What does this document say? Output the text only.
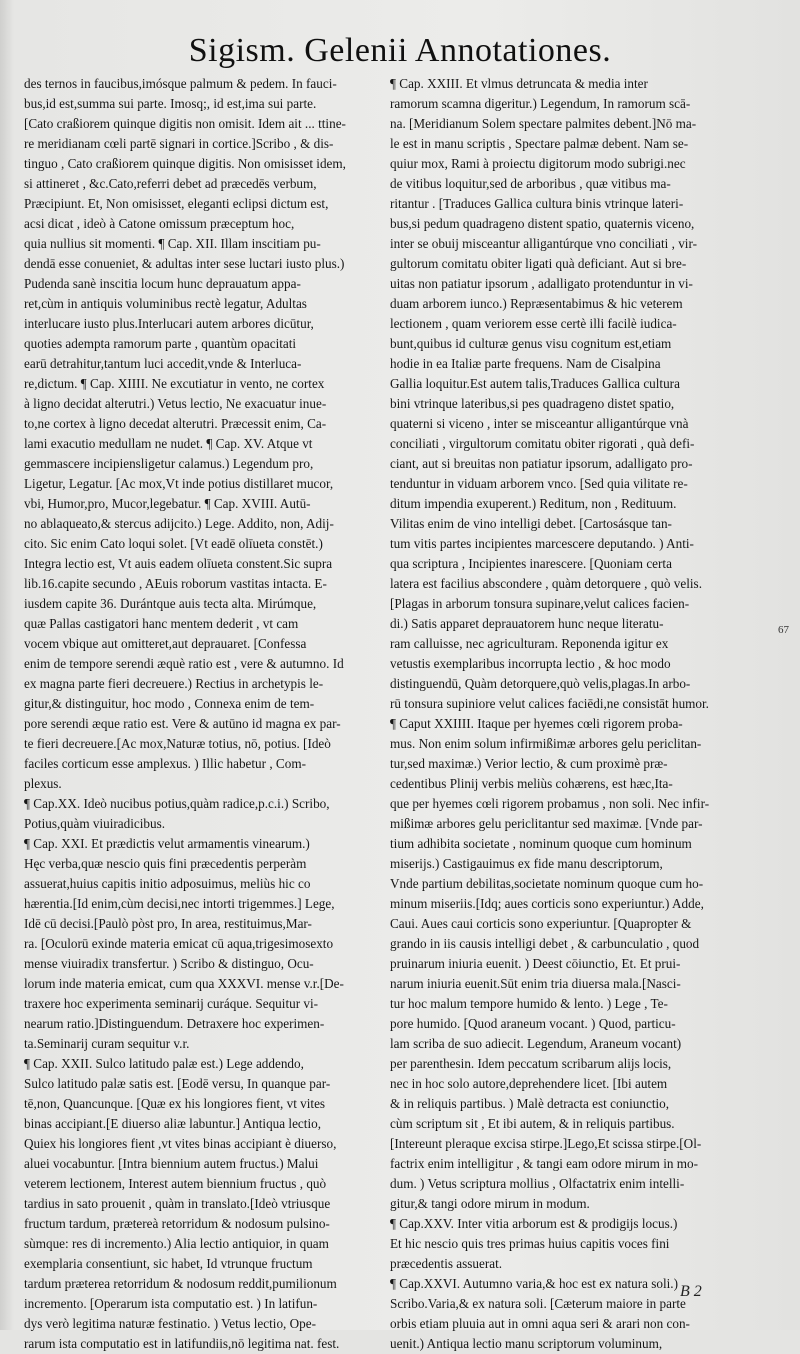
Sigism. Gelenii Annotationes.
des ternos in faucibus,imósque palmum & pedem. In fauci-
bus,id est,summa sui parte. Imosq;, id est,ima sui parte.
[Cato craßiorem quinque digitis non omisit. Idem ait ... ttine-
re meridianam cœli partē signari in cortice.]Scribo , & dis-
tinguo , Cato craßiorem quinque digitis. Non omisisset idem,
si attineret , &c.Cato,referri debet ad præcedēs verbum,
Præcipiunt. Et, Non omisisset, eleganti eclipsi dictum est,
acsi dicat , ideò à Catone omissum præceptum hoc,
quia nullius sit momenti. ¶ Cap. XII. Illam inscitiam pu-
dendā esse conueniet, & adultas inter sese luctari iusto plus.)
Pudenda sanè inscitia locum hunc deprauatum appa-
ret,cùm in antiquis voluminibus rectè legatur, Adultas
interlucare iusto plus.Interlucari autem arbores dicūtur,
quoties adempta ramorum parte , quantùm opacitati
earū detrahitur,tantum luci accedit,vnde & Interluca-
re,dictum. ¶ Cap. XIIII. Ne excutiatur in vento, ne cortex
à ligno decidat alterutri.) Vetus lectio, Ne exacuatur inue-
to,ne cortex à ligno decedat alterutri. Præcessit enim, Ca-
lami exacutio medullam ne nudet. ¶ Cap. XV. Atque vt
gemmascere incipiensligetur calamus.) Legendum pro,
Ligetur, Legatur. [Ac mox,Vt inde potius distillaret mucor,
vbi, Humor,pro, Mucor,legebatur. ¶ Cap. XVIII. Autū-
no ablaqueato,& stercus adijcito.) Lege. Addito, non, Adij-
cito. Sic enim Cato loqui solet. [Vt eadē olīueta constēt.)
Integra lectio est, Vt auis eadem olīueta constent.Sic supra
lib.16.capite secundo , AEuis roborum vastitas intacta. E-
iusdem capite 36. Durántque auis tecta alta. Mirúmque,
quæ Pallas castigatori hanc mentem dederit , vt cam
vocem vbique aut omitteret,aut deprauaret. [Confessa
enim de tempore serendi æquè ratio est , vere & autumno. Id
ex magna parte fieri decreuere.) Rectius in archetypis le-
gitur,& distinguitur, hoc modo , Connexa enim de tem-
pore serendi æque ratio est. Vere & autūno id magna ex par-
te fieri decreuere.[Ac mox,Naturæ totius, nō, potius. [Ideò
faciles corticum esse amplexus. ) Illic habetur , Com-
plexus.
¶ Cap.XX. Ideò nucibus potius,quàm radice,p.c.i.) Scribo,
Potius,quàm viuiradicibus.
¶ Cap. XXI. Et prædictis velut armamentis vinearum.)
Hęc verba,quæ nescio quis fini præcedentis perperàm
assuerat,huius capitis initio adposuimus, meliùs hic co
hærentia.[Id enim,cùm decisi,nec intorti trigemmes.] Lege,
Idē cū decisi.[Paulò pòst pro, In area, restituimus,Mar-
ra. [Oculorū exinde materia emicat cū aqua,trigesimosexto
mense viuiradix transfertur. ) Scribo & distinguo, Ocu-
lorum inde materia emicat, cum qua XXXVI. mense v.r.[De-
traxere hoc experimenta seminarij curáque. Sequitur vi-
nearum ratio.]Distinguendum. Detraxere hoc experimen-
ta.Seminarij curam sequitur v.r.
¶ Cap. XXII. Sulco latitudo palæ est.) Lege addendo,
Sulco latitudo palæ satis est. [Eodē versu, In quanque par-
tē,non, Quancunque. [Quæ ex his longiores fient, vt vites
binas accipiant.[E diuerso aliæ labuntur.] Antiqua lectio,
Quiex his longiores fient ,vt vites binas accipiant è diuerso,
aluei vocabuntur. [Intra biennium autem fructus.) Malui
veterem lectionem, Interest autem biennium fructus , quò
tardius in sato prouenit , quàm in translato.[Ideò vtriusque
fructum tardum, prætereà retorridum & nodosum pulsino-
sùmque: res di incremento.) Alia lectio antiquior, in quam
exemplaria consentiunt, sic habet, Id vtrunque fructum
tardum præterea retorridum & nodosum reddit,pumilionum
incremento. [Operarum ista computatio est. ) In latifun-
dys verò legitima naturæ festinatio. ) Vetus lectio, Ope-
rarum ista computatio est in latifundiis,nō legitima nat. fest.
¶ Cap. XXIII. Et vlmus detruncata & media inter
ramorum scamna digeritur.) Legendum, In ramorum scā-
na. [Meridianum Solem spectare palmites debent.]Nō ma-
le est in manu scriptis , Spectare palmæ debent. Nam se-
quiur mox, Rami à proiectu digitorum modo subrigi.nec
de vitibus loquitur,sed de arboribus , quæ vitibus ma-
ritantur . [Traduces Gallica cultura binis vtrinque lateri-
bus,si pedum quadrageno distent spatio, quaternis viceno,
inter se obuij misceantur alligantúrque vno conciliati , vir-
gultorum comitatu obiter ligati quà deficiant. Aut si bre-
uitas non patiatur ipsorum , adalligato protenduntur in vi-
duam arborem iunco.) Repræsentabimus & hic veterem
lectionem , quam veriorem esse certè illi facilè iudica-
bunt,quibus id culturæ genus visu cognitum est,etiam
hodie in ea Italiæ parte frequens. Nam de Cisalpina
Gallia loquitur.Est autem talis,Traduces Gallica cultura
bini vtrinque lateribus,si pes quadrageno distet spatio,
quaterni si viceno , inter se misceantur alligantúrque vnà
conciliati , virgultorum comitatu obiter rigorati , quà defi-
ciant, aut si breuitas non patiatur ipsorum, adalligato pro-
tenduntur in viduam arborem vnco. [Sed quia vilitate re-
ditum impendia exuperent.) Reditum, non , Redituum.
Vilitas enim de vino intelligi debet. [Cartosásque tan-
tum vitis partes incipientes marcescere deputando. ) Anti-
qua scriptura , Incipientes inarescere. [Quoniam certa
latera est facilius abscondere , quàm detorquere , quò velis.
[Plagas in arborum tonsura supinare,velut calices facien-
di.) Satis apparet deprauatorem hunc neque literatu-
ram calluisse, nec agriculturam. Reponenda igitur ex
vetustis exemplaribus incorrupta lectio , & hoc modo
distinguendū, Quàm detorquere,quò velis,plagas.In arbo-
rū tonsura supiniore velut calices faciēdi,ne consistāt humor.
¶ Caput XXIIII. Itaque per hyemes cœli rigorem proba-
mus. Non enim solum infirmißimæ arbores gelu periclitan-
tur,sed maximæ.) Verior lectio, & cum proximè præ-
cedentibus Plinij verbis meliùs cohærens, est hæc,Ita-
que per hyemes cœli rigorem probamus , non soli. Nec infir-
mißimæ arbores gelu periclitantur sed maximæ. [Vnde par-
tium adhibita societate , nominum quoque cum hominum
miserijs.) Castigauimus ex fide manu descriptorum,
Vnde partium debilitas,societate nominum quoque cum ho-
minum miseriis.[Idq; aues corticis sono experiuntur.) Adde,
Caui. Aues caui corticis sono experiuntur. [Quapropter &
grando in iis causis intelligi debet , & carbunculatio , quod
pruinarum iniuria euenit. ) Deest cōiunctio, Et. Et prui-
narum iniuria euenit.Sūt enim tria diuersa mala.[Nasci-
tur hoc malum tempore humido & lento. ) Lege , Te-
pore humido. [Quod araneum vocant. ) Quod, particu-
lam scriba de suo adiecit. Legendum, Araneum vocant)
per parenthesin. Idem peccatum scribarum alijs locis,
nec in hoc solo autore,deprehendere licet. [Ibi autem
& in reliquis partibus. ) Malè detracta est coniunctio,
cùm scriptum sit , Et ibi autem, & in reliquis partibus.
[Intereunt pleraque excisa stirpe.]Lego,Et scissa stirpe.[Ol-
factrix enim intelligitur , & tangi eam odore mirum in mo-
dum. ) Vetus scriptura mollius , Olfactatrix enim intelli-
gitur,& tangi odore mirum in modum.
¶ Cap.XXV. Inter vitia arborum est & prodigijs locus.)
Et hic nescio quis tres primas huius capitis voces fini
præcedentis assuerat.
¶ Cap.XXVI. Autumno varia,& hoc est ex natura soli.)
Scribo.Varia,& ex natura soli. [Cæterum maiore in parte
orbis etiam pluuia aut in omni aqua seri & arari non con-
uenit.) Antiqua lectio manu scriptorum voluminum,
67
B 2
